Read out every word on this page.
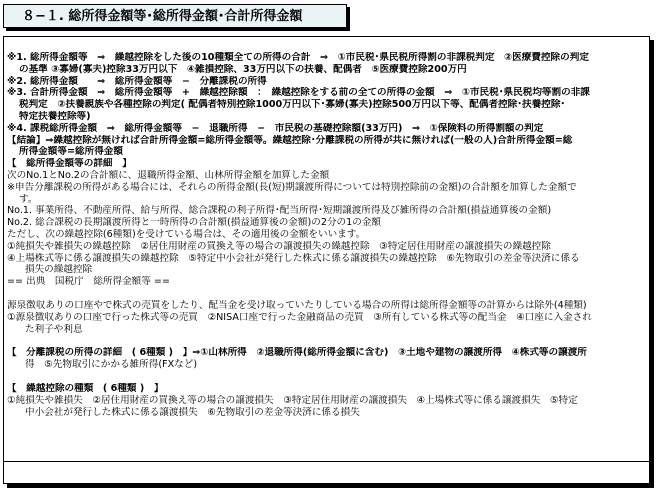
８−１. 総所得金額等･総所得金額･合計所得金額
※1. 総所得金額等　⇒　繰越控除をした後の10種類全ての所得の合計　⇒　①市民税･県民税所得割の非課税判定　②医療費控除の判定
の基準 ③寡婦(寡夫)控除33万円以下　④雑損控除、33万円以下の扶養、配偶者　⑤医療費控除200万円
※2. 総所得金額　　⇒　総所得金額等　−　分離課税の所得
※3. 合計所得金額　⇒　総所得金額等　+　繰越控除額　：　繰越控除をする前の全ての所得の金額　⇒　①市民税･県民税均等割の非課
税判定　②扶養親族や各種控除の判定( 配偶者特別控除1000万円以下･寡婦(寡夫)控除500万円以下等、配偶者控除･扶養控除･
特定扶養控除等)
※4. 課税総所得金額　⇒　総所得金額等　−　退職所得　−　市民税の基礎控除額(33万円)　⇒　①保険料の所得割額の判定
【結論】⇒繰越控除が無ければ合計所得金額=総所得金額等。繰越控除･分離課税の所得が共に無ければ(一般の人)合計所得金額=総
所得金額等=総所得金額
【　総所得金額等の詳細　】
次のNo.1とNo.2の合計額に、退職所得金額、山林所得金額を加算した金額
※申告分離課税の所得がある場合には、それらの所得金額(長(短)期譲渡所得については特別控除前の金額)の合計額を加算した金額で
す。
No.1. 事業所得、不動産所得、給与所得、総合課税の利子所得･配当所得･短期譲渡所得及び雑所得の合計額(損益通算後の金額)
No.2. 総合課税の長期譲渡所得と一時所得の合計額(損益通算後の金額)の2分の1の金額
ただし、次の繰越控除(6種類)を受けている場合は、その適用後の金額をいいます。
①純損失や雑損失の繰越控除　②居住用財産の買換え等の場合の譲渡損失の繰越控除　③特定居住用財産の譲渡損失の繰越控除
④上場株式等に係る譲渡損失の繰越控除　⑤特定中小会社が発行した株式に係る譲渡損失の繰越控除　⑥先物取引の差金等決済に係る
損失の繰越控除
== 出典　国税庁　総所得金額等 ==
源泉徴収ありの口座やで株式の売買をしたり、配当金を受け取っていたりしている場合の所得は総所得金額等の計算からは除外(4種類)
①源泉徴収ありの口座で行った株式等の売買　②NISA口座で行った金融商品の売買　③所有している株式等の配当金　④口座に入金され
た利子や利息
【　分離課税の所得の詳細　( 6種類 )　】⇒①山林所得　②退職所得(総所得金額に含む)　③土地や建物の譲渡所得　④株式等の譲渡所
得　⑤先物取引にかかる雑所得(FXなど)
【　繰越控除の種類　( 6種類 )　】
①純損失や雑損失　②居住用財産の買換え等の場合の譲渡損失　③特定居住用財産の譲渡損失　④上場株式等に係る譲渡損失　⑤特定
中小会社が発行した株式に係る譲渡損失　⑥先物取引の差金等決済に係る損失
